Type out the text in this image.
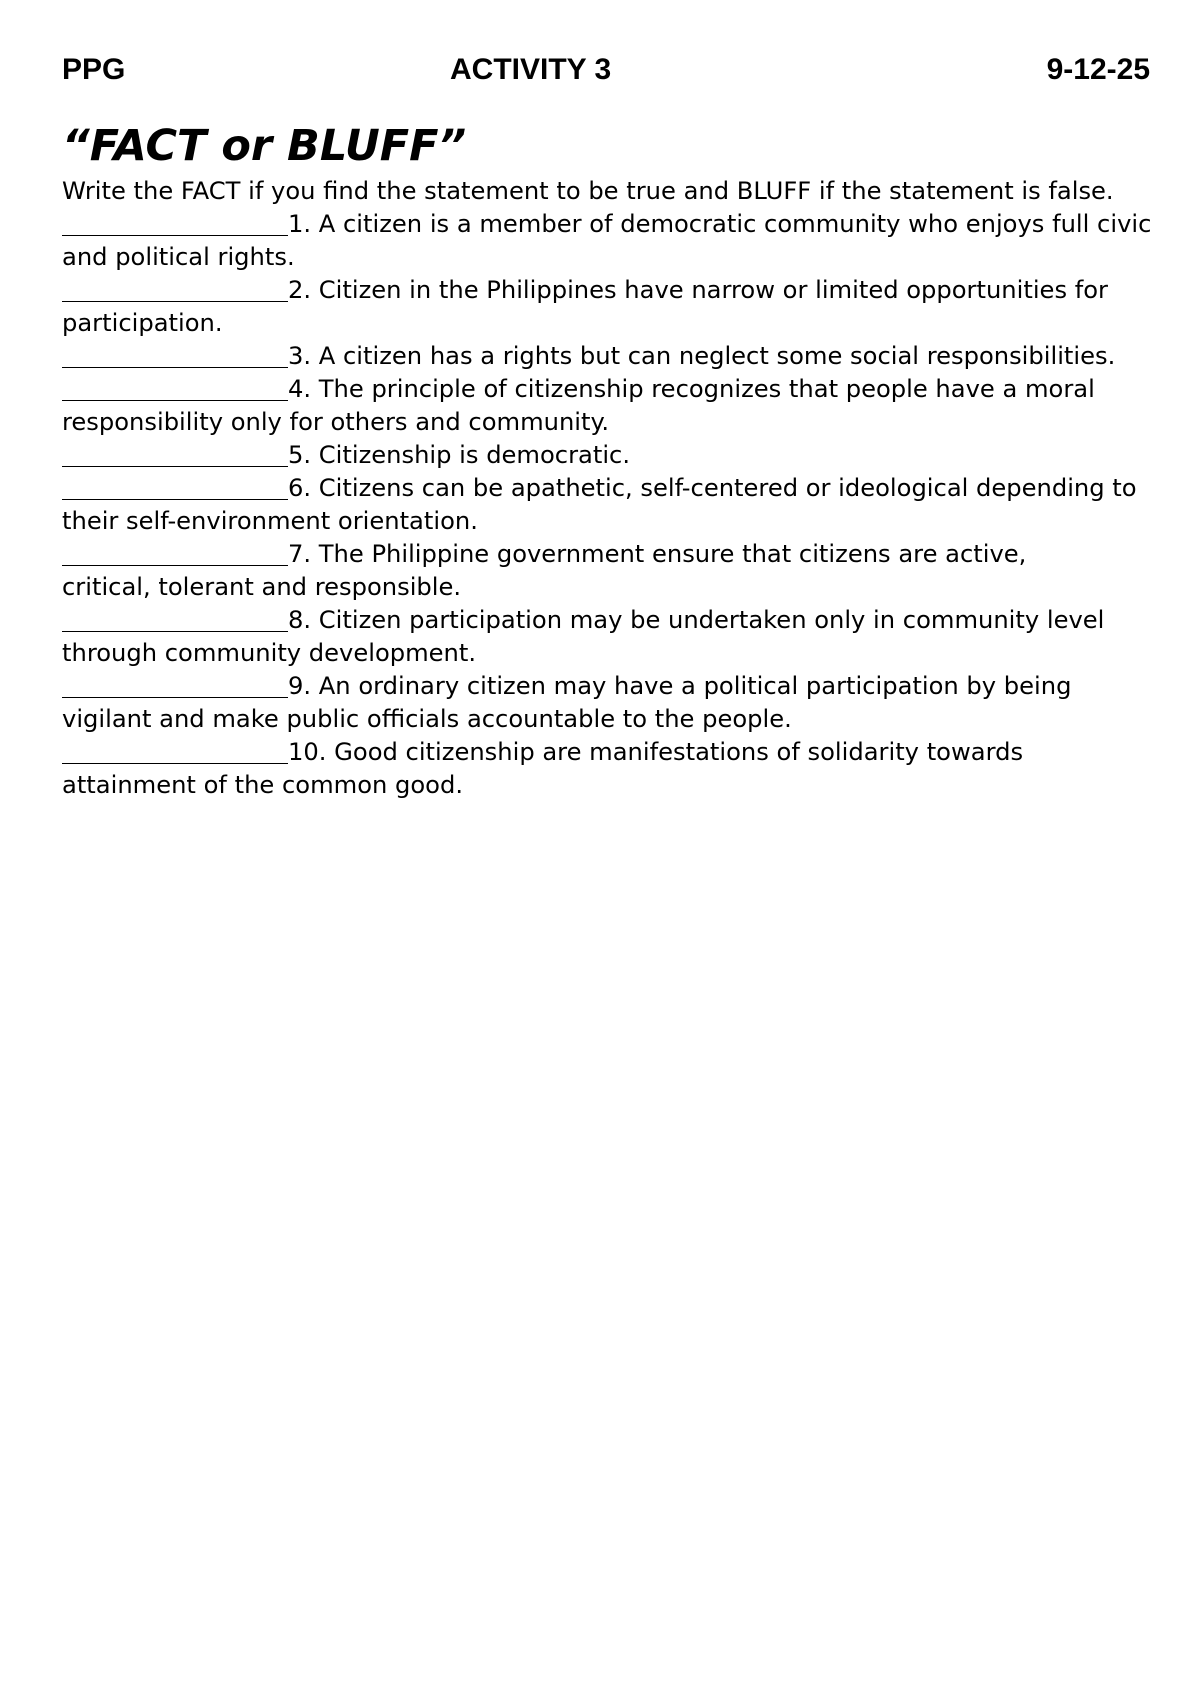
PPG	ACTIVITY 3	9-12-25
“FACT or BLUFF”

Write the FACT if you find the statement to be true and BLUFF if the statement is false.

1. A citizen is a member of democratic community who enjoys full civic and political rights.

2. Citizen in the Philippines have narrow or limited opportunities for participation.

3. A citizen has a rights but can neglect some social responsibilities.

4. The principle of citizenship recognizes that people have a moral responsibility only for others and community.

5. Citizenship is democratic.

6. Citizens can be apathetic, self-centered or ideological depending to their self-environment orientation.

7. The Philippine government ensure that citizens are active,

critical, tolerant and responsible.

8. Citizen participation may be undertaken only in community level through community development.

9. An ordinary citizen may have a political participation by being vigilant and make public officials accountable to the people.

10. Good citizenship are manifestations of solidarity towards attainment of the common good.
